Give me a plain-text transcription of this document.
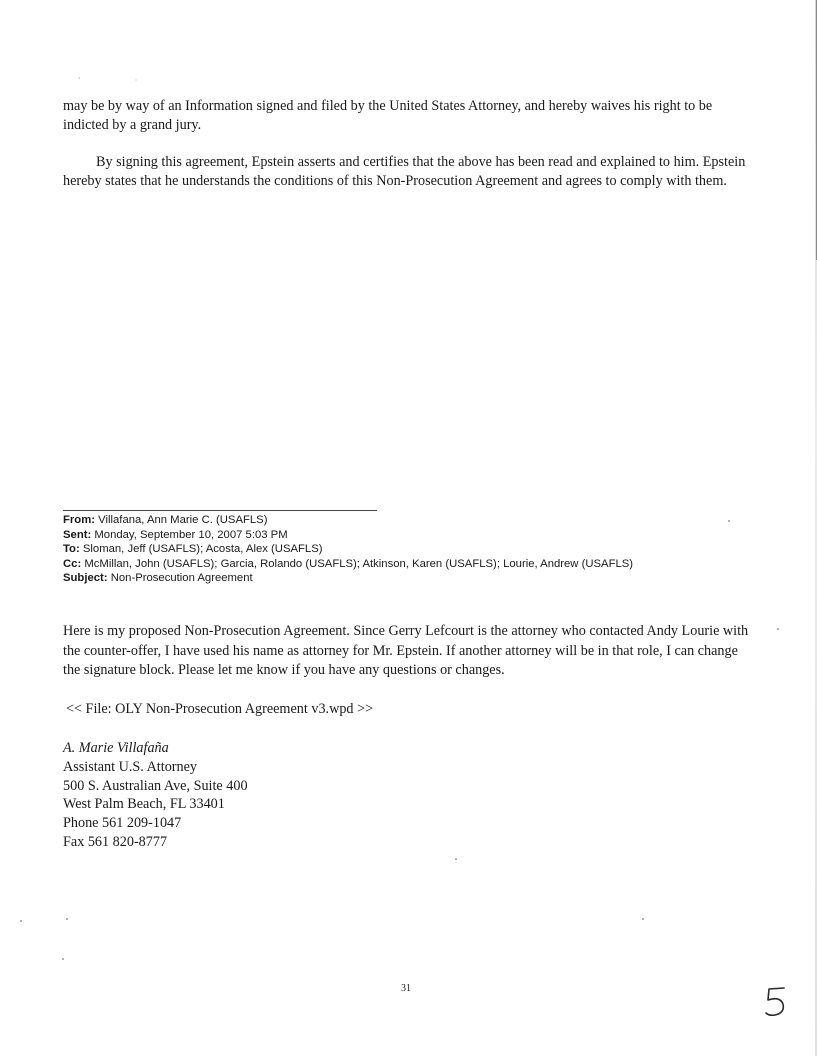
' ·

may be by way of an Information signed and filed by the United States Attorney, and hereby waives his right to be indicted by a grand jury.

By signing this agreement, Epstein asserts and certifies that the above has been read and explained to him. Epstein hereby states that he understands the conditions of this Non-Prosecution Agreement and agrees to comply with them.

From: Villafana, Ann Marie C. (USAFLS)
Sent: Monday, September 10, 2007 5:03 PM
To: Sloman, Jeff (USAFLS); Acosta, Alex (USAFLS)
Cc: McMillan, John (USAFLS); Garcia, Rolando (USAFLS); Atkinson, Karen (USAFLS); Lourie, Andrew (USAFLS)
Subject: Non-Prosecution Agreement

Here is my proposed Non-Prosecution Agreement. Since Gerry Lefcourt is the attorney who contacted Andy Lourie with the counter-offer, I have used his name as attorney for Mr. Epstein. If another attorney will be in that role, I can change the signature block. Please let me know if you have any questions or changes.

<< File: OLY Non-Prosecution Agreement v3.wpd >>
A. Marie Villafaña
Assistant U.S. Attorney
500 S. Australian Ave, Suite 400
West Palm Beach, FL 33401
Phone 561 209-1047
Fax 561 820-8777
31
